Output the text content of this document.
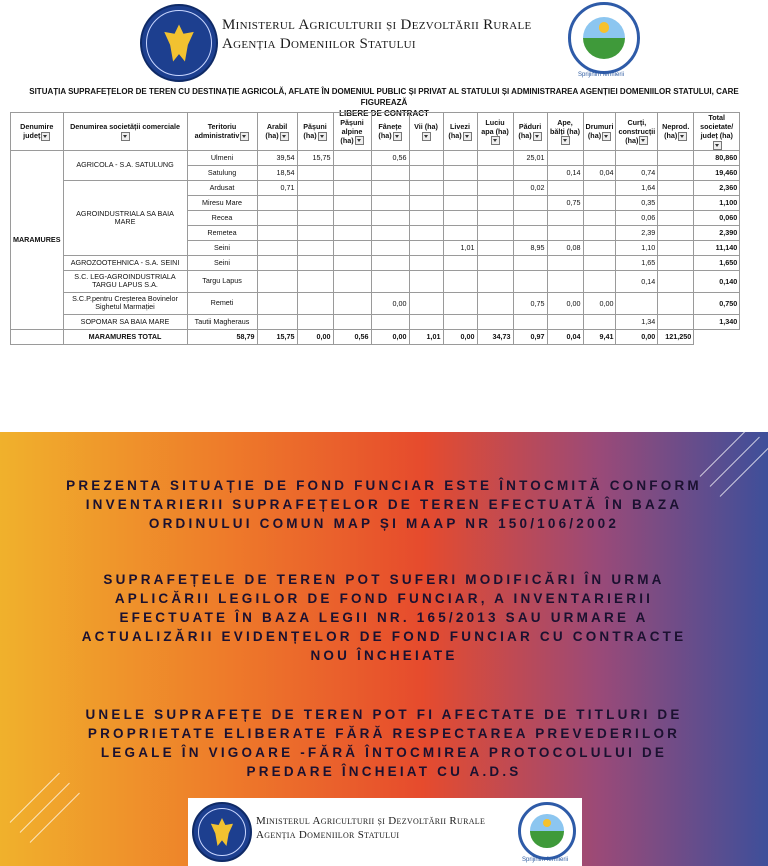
Ministerul Agriculturii și Dezvoltării Rurale
Agenția Domeniilor Statului
Sprijinim fermierii
SITUAȚIA SUPRAFEȚELOR DE TEREN CU DESTINAȚIE AGRICOLĂ, AFLATE ÎN DOMENIUL PUBLIC ȘI PRIVAT AL STATULUI ȘI ADMINISTRAREA AGENȚIEI DOMENIILOR STATULUI, CARE FIGUREAZĂ
LIBERE DE CONTRACT
Denumire județ	Denumirea societății comerciale	Teritoriu administrativ	Arabil (ha)	Pășuni (ha)	Pășuni alpine (ha)	Fânețe (ha)	Vii (ha)	Livezi (ha)	Luciu apa (ha)	Păduri (ha)	Ape, bălți (ha)	Drumuri (ha)	Curți, construcții (ha)	Neprod. (ha)	Total societate/ județ (ha)
MARAMURES	AGRICOLA - S.A. SATULUNG	Ulmeni	39,54	15,75		0,56				25,01					80,860
		Satulung	18,54								0,14	0,04	0,74		19,460
	AGROINDUSTRIALA SA BAIA MARE	Ardusat	0,71							0,02			1,64		2,360
		Miresu Mare									0,75		0,35		1,100
		Recea											0,06		0,060
		Remetea											2,39		2,390
		Seini						1,01		8,95	0,08		1,10		11,140
	AGROZOOTEHNICA - S.A. SEINI	Seini											1,65		1,650
	S.C. LEG-AGROINDUSTRIALA TARGU LAPUS S.A.	Targu Lapus											0,14		0,140
	S.C.P.pentru Creșterea Bovinelor Sighetul Marmației	Remeti				0,00				0,75	0,00	0,00			0,750
	SOPOMAR SA BAIA MARE	Tautii Magheraus											1,34		1,340
	MARAMURES TOTAL	58,79	15,75	0,00	0,56	0,00	1,01	0,00	34,73	0,97	0,04	9,41	0,00	121,250	
PREZENTA SITUAȚIE DE FOND FUNCIAR ESTE ÎNTOCMITĂ CONFORM
INVENTARIERII SUPRAFEȚELOR DE TEREN EFECTUATĂ ÎN BAZA
ORDINULUI COMUN MAP ȘI MAAP NR 150/106/2002
SUPRAFEȚELE DE TEREN POT SUFERI MODIFICĂRI ÎN URMA
APLICĂRII LEGILOR DE FOND FUNCIAR, A INVENTARIERII
EFECTUATE ÎN BAZA LEGII NR. 165/2013 SAU URMARE A
ACTUALIZĂRII EVIDENȚELOR DE FOND FUNCIAR CU CONTRACTE
NOU ÎNCHEIATE
UNELE SUPRAFEȚE DE TEREN POT FI AFECTATE DE TITLURI DE
PROPRIETATE ELIBERATE FĂRĂ RESPECTAREA PREVEDERILOR
LEGALE ÎN VIGOARE -FĂRĂ ÎNTOCMIREA PROTOCOLULUI DE
PREDARE ÎNCHEIAT CU A.D.S
Ministerul Agriculturii și Dezvoltării Rurale
Agenția Domeniilor Statului
Sprijinim fermierii
